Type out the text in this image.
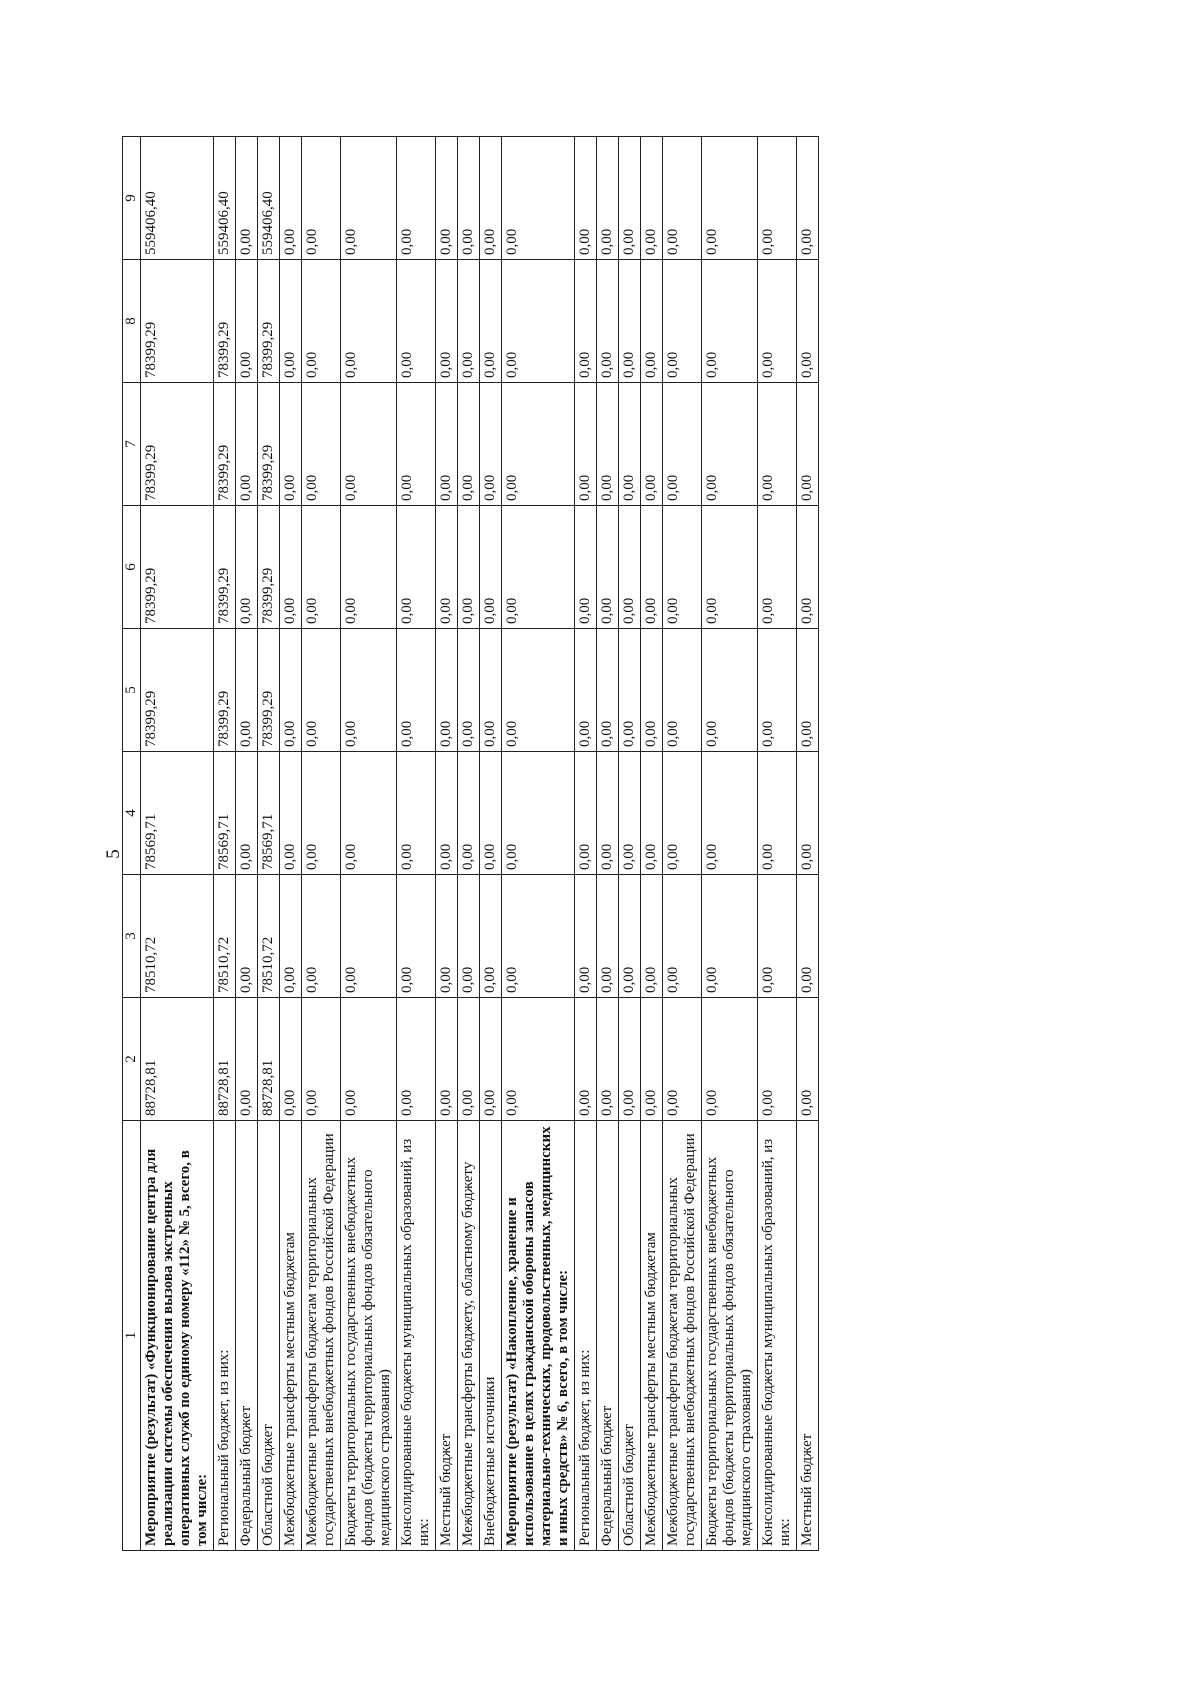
5
1	2	3	4	5	6	7	8	9
Мероприятие (результат) «Функционирование центра для реализации системы обеспечения вызова экстренных оперативных служб по единому номеру «112» № 5, всего, в том числе:	88728,81	78510,72	78569,71	78399,29	78399,29	78399,29	78399,29	559406,40
Региональный бюджет, из них:	88728,81	78510,72	78569,71	78399,29	78399,29	78399,29	78399,29	559406,40
Федеральный бюджет	0,00	0,00	0,00	0,00	0,00	0,00	0,00	0,00
Областной бюджет	88728,81	78510,72	78569,71	78399,29	78399,29	78399,29	78399,29	559406,40
Межбюджетные трансферты местным бюджетам	0,00	0,00	0,00	0,00	0,00	0,00	0,00	0,00
Межбюджетные трансферты бюджетам территориальных государственных внебюджетных фондов Российской Федерации	0,00	0,00	0,00	0,00	0,00	0,00	0,00	0,00
Бюджеты территориальных государственных внебюджетных фондов (бюджеты территориальных фондов обязательного медицинского страхования)	0,00	0,00	0,00	0,00	0,00	0,00	0,00	0,00
Консолидированные бюджеты муниципальных образований, из них:	0,00	0,00	0,00	0,00	0,00	0,00	0,00	0,00
Местный бюджет	0,00	0,00	0,00	0,00	0,00	0,00	0,00	0,00
Межбюджетные трансферты бюджету, областному бюджету	0,00	0,00	0,00	0,00	0,00	0,00	0,00	0,00
Внебюджетные источники	0,00	0,00	0,00	0,00	0,00	0,00	0,00	0,00
Мероприятие (результат) «Накопление, хранение и использование в целях гражданской обороны запасов материально-технических, продовольственных, медицинских и иных средств» № 6, всего, в том числе:	0,00	0,00	0,00	0,00	0,00	0,00	0,00	0,00
Региональный бюджет, из них:	0,00	0,00	0,00	0,00	0,00	0,00	0,00	0,00
Федеральный бюджет	0,00	0,00	0,00	0,00	0,00	0,00	0,00	0,00
Областной бюджет	0,00	0,00	0,00	0,00	0,00	0,00	0,00	0,00
Межбюджетные трансферты местным бюджетам	0,00	0,00	0,00	0,00	0,00	0,00	0,00	0,00
Межбюджетные трансферты бюджетам территориальных государственных внебюджетных фондов Российской Федерации	0,00	0,00	0,00	0,00	0,00	0,00	0,00	0,00
Бюджеты территориальных государственных внебюджетных фондов (бюджеты территориальных фондов обязательного медицинского страхования)	0,00	0,00	0,00	0,00	0,00	0,00	0,00	0,00
Консолидированные бюджеты муниципальных образований, из них:	0,00	0,00	0,00	0,00	0,00	0,00	0,00	0,00
Местный бюджет	0,00	0,00	0,00	0,00	0,00	0,00	0,00	0,00
